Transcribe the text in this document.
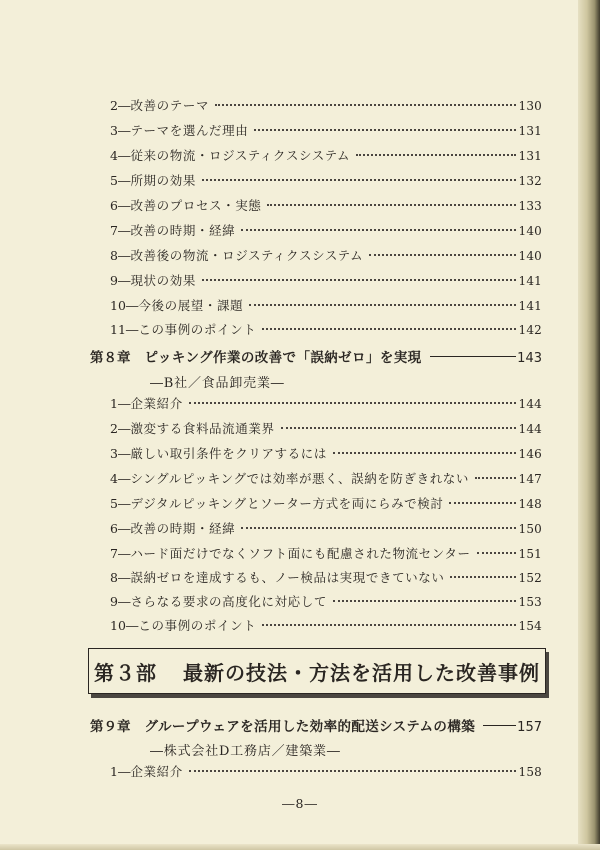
2 ― 改善のテーマ	130
3 ― テーマを選んだ理由	131
4 ― 従来の物流・ロジスティクスシステム	131
5 ― 所期の効果	132
6 ― 改善のプロセス・実態	133
7 ― 改善の時期・経緯	140
8 ― 改善後の物流・ロジスティクスシステム	140
9 ― 現状の効果	141
10 ― 今後の展望・課題	141
11 ― この事例のポイント	142
第８章 ピッキング作業の改善で「誤納ゼロ」を実現	143
―B社／食品卸売業―
1 ― 企業紹介	144
2 ― 激変する食料品流通業界	144
3 ― 厳しい取引条件をクリアするには	146
4 ― シングルピッキングでは効率が悪く、誤納を防ぎきれない	147
5 ― デジタルピッキングとソーター方式を両にらみで検討	148
6 ― 改善の時期・経緯	150
7 ― ハード面だけでなくソフト面にも配慮された物流センター	151
8 ― 誤納ゼロを達成するも、ノー検品は実現できていない	152
9 ― さらなる要求の高度化に対応して	153
10 ― この事例のポイント	154
第３部 最新の技法・方法を活用した改善事例
第９章 グループウェアを活用した効率的配送システムの構築	157
―株式会社D工務店／建築業―
1 ― 企業紹介	158
―8―
